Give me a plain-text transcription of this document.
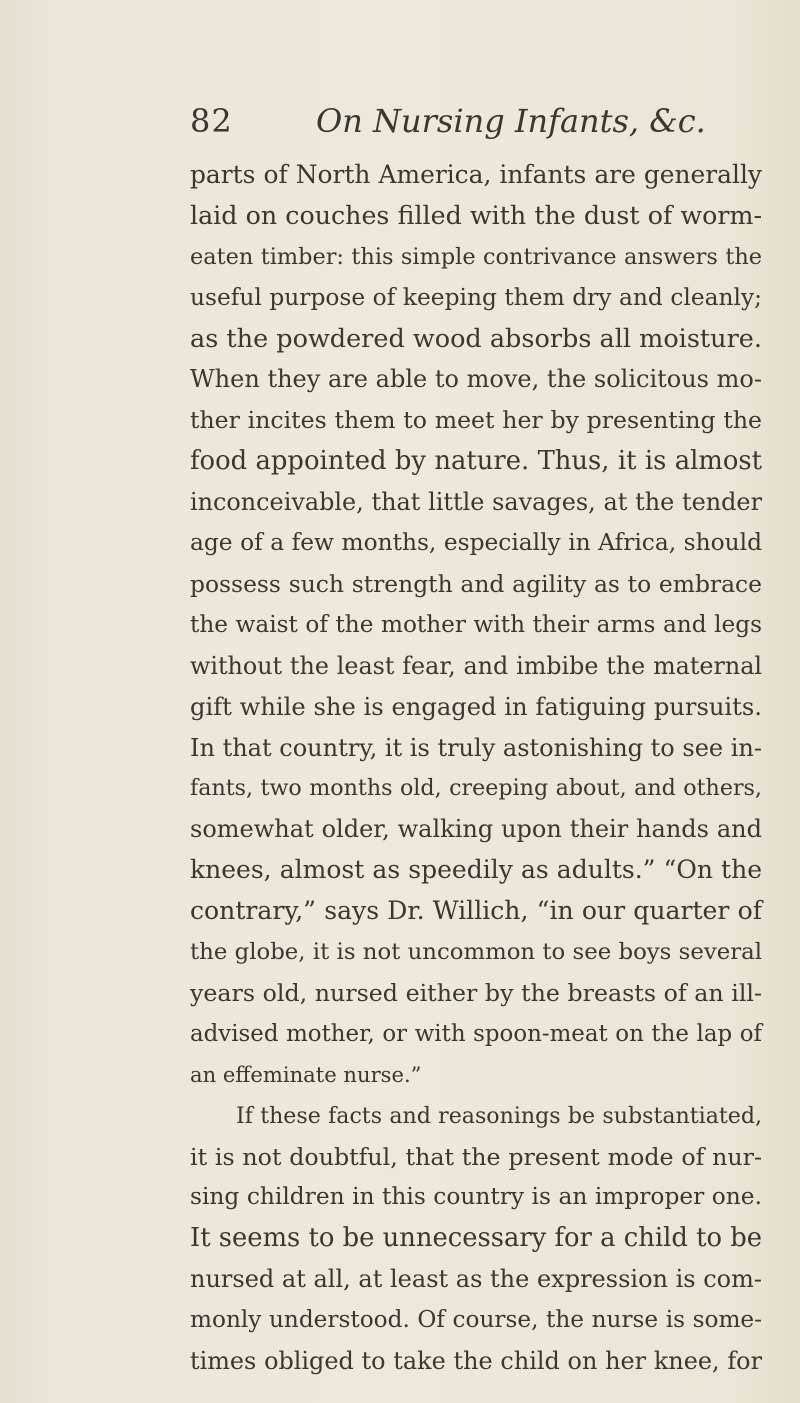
82	On Nursing Infants, &c.
parts of North America, infants are generally
laid on couches filled with the dust of worm-
eaten timber: this simple contrivance answers the
useful purpose of keeping them dry and cleanly;
as the powdered wood absorbs all moisture.
When they are able to move, the solicitous mo-
ther incites them to meet her by presenting the
food appointed by nature. Thus, it is almost
inconceivable, that little savages, at the tender
age of a few months, especially in Africa, should
possess such strength and agility as to embrace
the waist of the mother with their arms and legs
without the least fear, and imbibe the maternal
gift while she is engaged in fatiguing pursuits.
In that country, it is truly astonishing to see in-
fants, two months old, creeping about, and others,
somewhat older, walking upon their hands and
knees, almost as speedily as adults.” “On the
contrary,” says Dr. Willich, “in our quarter of
the globe, it is not uncommon to see boys several
years old, nursed either by the breasts of an ill-
advised mother, or with spoon-meat on the lap of
an effeminate nurse.”
If these facts and reasonings be substantiated,
it is not doubtful, that the present mode of nur-
sing children in this country is an improper one.
It seems to be unnecessary for a child to be
nursed at all, at least as the expression is com-
monly understood. Of course, the nurse is some-
times obliged to take the child on her knee, for
